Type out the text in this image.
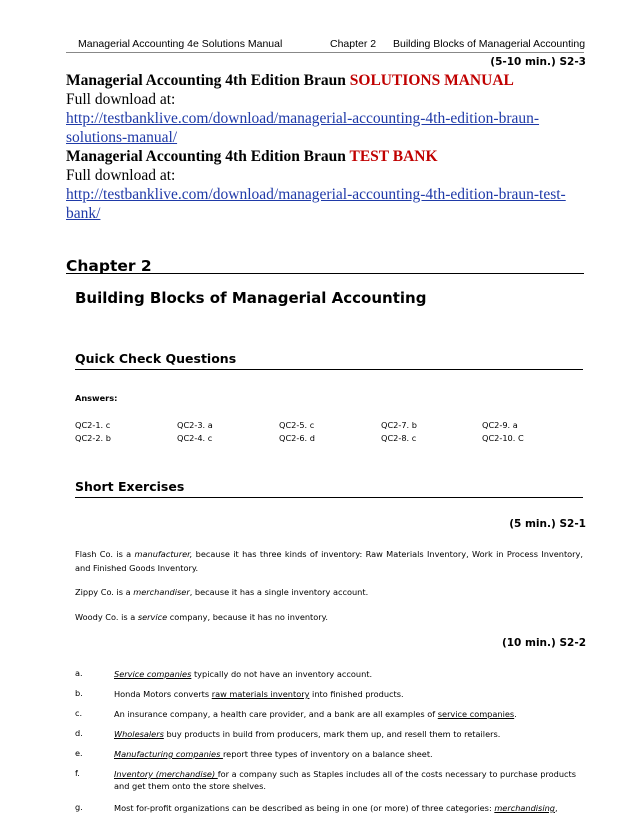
Managerial Accounting 4e Solutions Manual	Chapter 2 Building Blocks of Managerial Accounting
(5-10 min.) S2-3
Managerial Accounting 4th Edition Braun SOLUTIONS MANUAL
Full download at:
http://testbanklive.com/download/managerial-accounting-4th-edition-braun-
solutions-manual/
Managerial Accounting 4th Edition Braun TEST BANK
Full download at:
http://testbanklive.com/download/managerial-accounting-4th-edition-braun-test-
bank/
Chapter 2
Building Blocks of Managerial Accounting
Quick Check Questions
Answers:
QC2-1. c	QC2-3. a	QC2-5. c	QC2-7. b	QC2-9. a
QC2-2. b	QC2-4. c	QC2-6. d	QC2-8. c	QC2-10. C
Short Exercises
(5 min.) S2-1
Flash Co. is a manufacturer, because it has three kinds of inventory: Raw Materials Inventory, Work in Process Inventory, and Finished Goods Inventory.
Zippy Co. is a merchandiser, because it has a single inventory account.
Woody Co. is a service company, because it has no inventory.
(10 min.) S2-2
a.	Service companies typically do not have an inventory account.
b.	Honda Motors converts raw materials inventory into finished products.
c.	An insurance company, a health care provider, and a bank are all examples of service companies.
d.	Wholesalers buy products in build from producers, mark them up, and resell them to retailers.
e.	Manufacturing companies report three types of inventory on a balance sheet.
f.	Inventory (merchandise) for a company such as Staples includes all of the costs necessary to purchase products and get them onto the store shelves.
g.	Most for-profit organizations can be described as being in one (or more) of three categories: merchandising,
